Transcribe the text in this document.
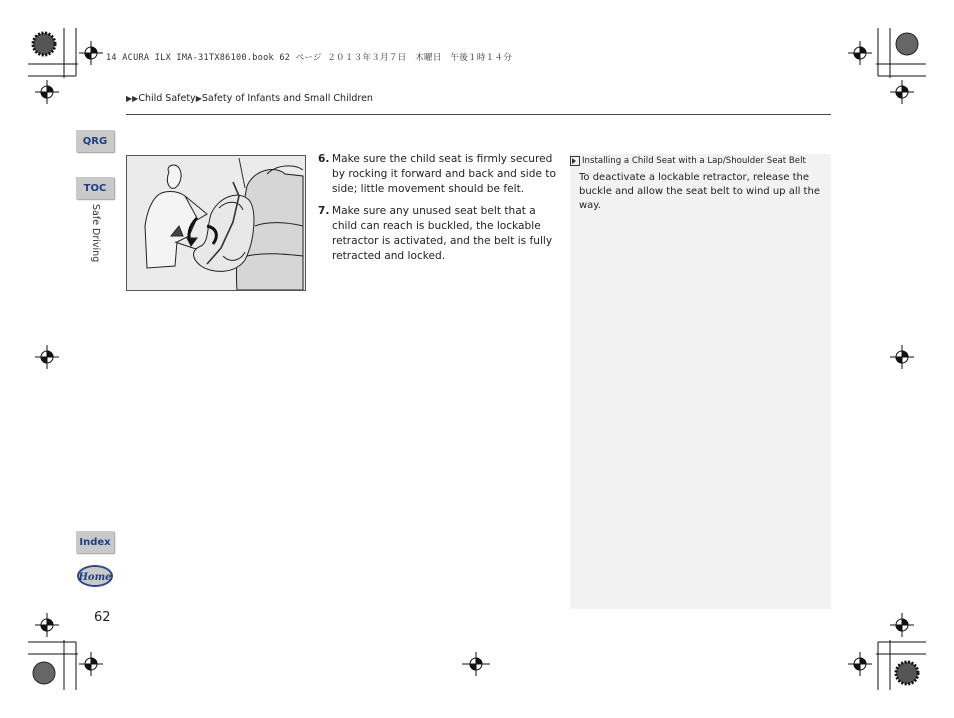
14 ACURA ILX IMA-31TX86100.book 62 ページ ２０１３年３月７日　木曜日　午後１時１４分
▶▶Child Safety▶Safety of Infants and Small Children
QRG
TOC
Safe Driving
Index
Home
62
6. Make sure the child seat is firmly secured by rocking it forward and back and side to side; little movement should be felt.
7. Make sure any unused seat belt that a child can reach is buckled, the lockable retractor is activated, and the belt is fully retracted and locked.
Installing a Child Seat with a Lap/Shoulder Seat Belt
To deactivate a lockable retractor, release the buckle and allow the seat belt to wind up all the way.
